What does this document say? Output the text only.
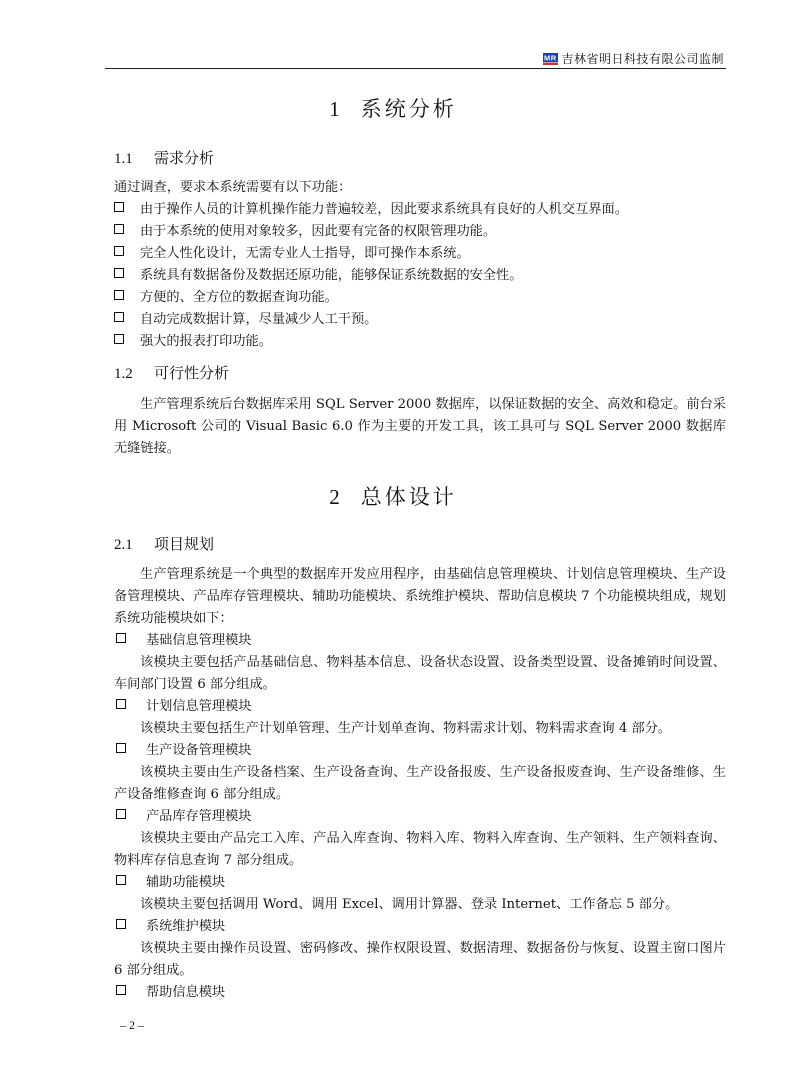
MR 吉林省明日科技有限公司监制
1 系统分析
1.1 需求分析
通过调查，要求本系统需要有以下功能：
由于操作人员的计算机操作能力普遍较差，因此要求系统具有良好的人机交互界面。
由于本系统的使用对象较多，因此要有完备的权限管理功能。
完全人性化设计，无需专业人士指导，即可操作本系统。
系统具有数据备份及数据还原功能，能够保证系统数据的安全性。
方便的、全方位的数据查询功能。
自动完成数据计算，尽量减少人工干预。
强大的报表打印功能。
1.2 可行性分析
生产管理系统后台数据库采用 SQL Server 2000 数据库，以保证数据的安全、高效和稳定。前台采用 Microsoft 公司的 Visual Basic 6.0 作为主要的开发工具，该工具可与 SQL Server 2000 数据库无缝链接。
2 总体设计
2.1 项目规划
生产管理系统是一个典型的数据库开发应用程序，由基础信息管理模块、计划信息管理模块、生产设备管理模块、产品库存管理模块、辅助功能模块、系统维护模块、帮助信息模块 7 个功能模块组成，规划系统功能模块如下：
基础信息管理模块
该模块主要包括产品基础信息、物料基本信息、设备状态设置、设备类型设置、设备摊销时间设置、车间部门设置 6 部分组成。
计划信息管理模块
该模块主要包括生产计划单管理、生产计划单查询、物料需求计划、物料需求查询 4 部分。
生产设备管理模块
该模块主要由生产设备档案、生产设备查询、生产设备报废、生产设备报废查询、生产设备维修、生产设备维修查询 6 部分组成。
产品库存管理模块
该模块主要由产品完工入库、产品入库查询、物料入库、物料入库查询、生产领料、生产领料查询、物料库存信息查询 7 部分组成。
辅助功能模块
该模块主要包括调用 Word、调用 Excel、调用计算器、登录 Internet、工作备忘 5 部分。
系统维护模块
该模块主要由操作员设置、密码修改、操作权限设置、数据清理、数据备份与恢复、设置主窗口图片 6 部分组成。
帮助信息模块
– 2 –
